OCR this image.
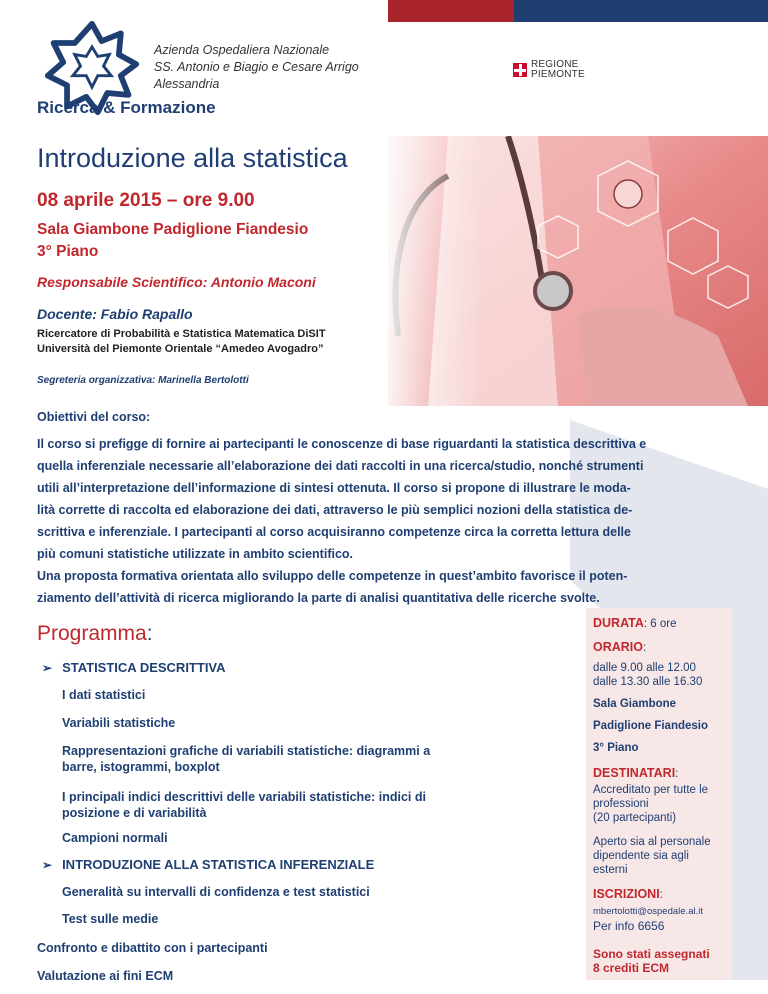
Azienda Ospedaliera Nazionale
SS. Antonio e Biagio e Cesare Arrigo
Alessandria
REGIONE
PIEMONTE
Ricerca & Formazione
Introduzione alla statistica
08 aprile 2015 – ore 9.00
Sala Giambone Padiglione Fiandesio
3° Piano
Responsabile Scientifico: Antonio Maconi
Docente: Fabio Rapallo
Ricercatore di Probabilità e Statistica Matematica DiSIT
Università del Piemonte Orientale “Amedeo Avogadro”
Segreteria organizzativa: Marinella Bertolotti
Obiettivi del corso:
Il corso si prefigge di fornire ai partecipanti le conoscenze di base riguardanti la statistica descrittiva e
quella inferenziale necessarie all’elaborazione dei dati raccolti in una ricerca/studio, nonché strumenti
utili all’interpretazione dell’informazione di sintesi ottenuta. Il corso si propone di illustrare le moda-
lità corrette di raccolta ed elaborazione dei dati, attraverso le più semplici nozioni della statistica de-
scrittiva e inferenziale. I partecipanti al corso acquisiranno competenze circa la corretta lettura delle
più comuni statistiche utilizzate in ambito scientifico.
Una proposta formativa orientata allo sviluppo delle competenze in quest’ambito favorisce il poten-
ziamento dell’attività di ricerca migliorando la parte di analisi quantitativa delle ricerche svolte.
Programma:
➢ STATISTICA DESCRITTIVA
I dati statistici
Variabili statistiche
Rappresentazioni grafiche di variabili statistiche: diagrammi a
barre, istogrammi, boxplot
I principali indici descrittivi delle variabili statistiche: indici di
posizione e di variabilità
Campioni normali
➢ INTRODUZIONE ALLA STATISTICA INFERENZIALE
Generalità su intervalli di confidenza e test statistici
Test sulle medie
Confronto e dibattito con i partecipanti
Valutazione ai fini ECM
DURATA: 6 ore
ORARIO:
dalle 9.00 alle 12.00
dalle 13.30 alle 16.30
Sala Giambone
Padiglione Fiandesio
3° Piano
DESTINATARI:
Accreditato per tutte le
professioni
(20 partecipanti)
Aperto sia al personale
dipendente sia agli
esterni
ISCRIZIONI:
mbertolotti@ospedale.al.it
Per info 6656
Sono stati assegnati
8 crediti ECM
